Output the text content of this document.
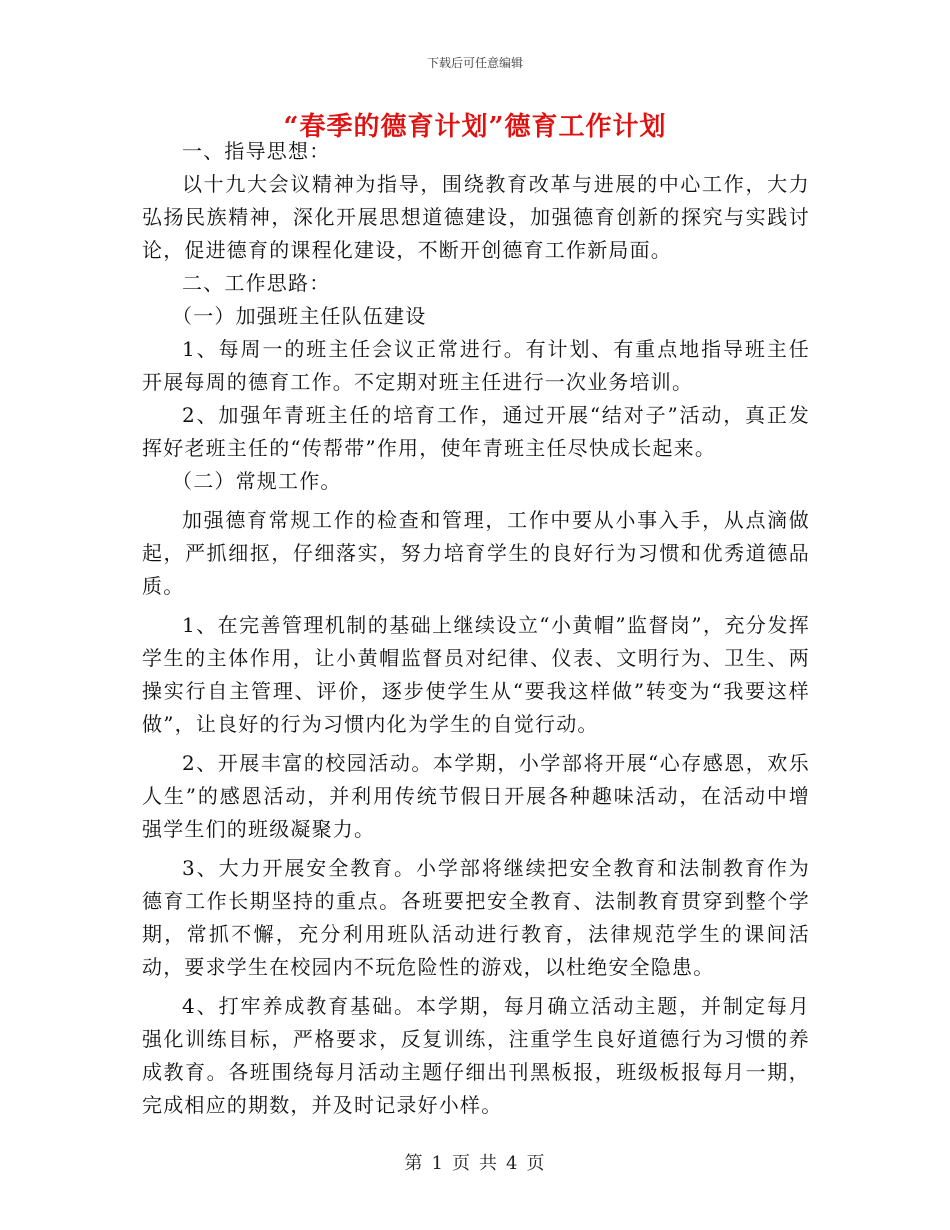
下载后可任意编辑
“春季的德育计划”德育工作计划

一、指导思想：

以十九大会议精神为指导，围绕教育改革与进展的中心工作，大力弘扬民族精神，深化开展思想道德建设，加强德育创新的探究与实践讨论，促进德育的课程化建设，不断开创德育工作新局面。

二、工作思路：

（一）加强班主任队伍建设

1、每周一的班主任会议正常进行。有计划、有重点地指导班主任开展每周的德育工作。不定期对班主任进行一次业务培训。

2、加强年青班主任的培育工作，通过开展“结对子”活动，真正发挥好老班主任的“传帮带”作用，使年青班主任尽快成长起来。

（二）常规工作。

加强德育常规工作的检查和管理，工作中要从小事入手，从点滴做起，严抓细抠，仔细落实，努力培育学生的良好行为习惯和优秀道德品质。

1、在完善管理机制的基础上继续设立“小黄帽”监督岗”，充分发挥学生的主体作用，让小黄帽监督员对纪律、仪表、文明行为、卫生、两操实行自主管理、评价，逐步使学生从“要我这样做”转变为“我要这样做”，让良好的行为习惯内化为学生的自觉行动。

2、开展丰富的校园活动。本学期，小学部将开展“心存感恩，欢乐人生”的感恩活动，并利用传统节假日开展各种趣味活动，在活动中增强学生们的班级凝聚力。

3、大力开展安全教育。小学部将继续把安全教育和法制教育作为德育工作长期坚持的重点。各班要把安全教育、法制教育贯穿到整个学期，常抓不懈，充分利用班队活动进行教育，法律规范学生的课间活动，要求学生在校园内不玩危险性的游戏，以杜绝安全隐患。

4、打牢养成教育基础。本学期，每月确立活动主题，并制定每月强化训练目标，严格要求，反复训练，注重学生良好道德行为习惯的养成教育。各班围绕每月活动主题仔细出刊黑板报，班级板报每月一期，完成相应的期数，并及时记录好小样。

第 1 页 共 4 页
